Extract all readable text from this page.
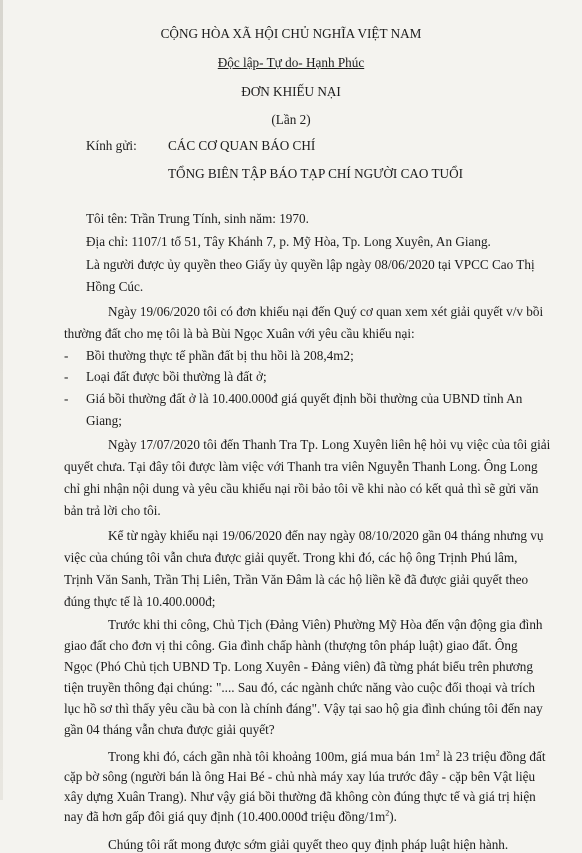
CỘNG HÒA XÃ HỘI CHỦ NGHĨA VIỆT NAM
Độc lập- Tự do- Hạnh Phúc
ĐƠN KHIẾU NẠI
(Lần 2)
Kính gửi: CÁC CƠ QUAN BÁO CHÍ
TỔNG BIÊN TẬP BÁO TẠP CHÍ NGƯỜI CAO TUỔI
Tôi tên: Trần Trung Tính, sinh năm: 1970.
Địa chỉ: 1107/1 tổ 51, Tây Khánh 7, p. Mỹ Hòa, Tp. Long Xuyên, An Giang.
Là người được ủy quyền theo Giấy ủy quyền lập ngày 08/06/2020 tại VPCC Cao Thị
Hồng Cúc.
Ngày 19/06/2020 tôi có đơn khiếu nại đến Quý cơ quan xem xét giải quyết v/v bồi
thường đất cho mẹ tôi là bà Bùi Ngọc Xuân với yêu cầu khiếu nại:
- Bồi thường thực tế phần đất bị thu hồi là 208,4m2;
- Loại đất được bồi thường là đất ở;
- Giá bồi thường đất ở là 10.400.000đ giá quyết định bồi thường của UBND tỉnh An
Giang;
Ngày 17/07/2020 tôi đến Thanh Tra Tp. Long Xuyên liên hệ hỏi vụ việc của tôi giải
quyết chưa. Tại đây tôi được làm việc với Thanh tra viên Nguyễn Thanh Long. Ông Long
chỉ ghi nhận nội dung và yêu cầu khiếu nại rồi bảo tôi về khi nào có kết quả thì sẽ gửi văn
bản trả lời cho tôi.
Kể từ ngày khiếu nại 19/06/2020 đến nay ngày 08/10/2020 gần 04 tháng nhưng vụ
việc của chúng tôi vẫn chưa được giải quyết. Trong khi đó, các hộ ông Trịnh Phú lâm,
Trịnh Văn Sanh, Trần Thị Liên, Trần Văn Đâm là các hộ liền kề đã được giải quyết theo
đúng thực tế là 10.400.000đ;
Trước khi thi công, Chủ Tịch (Đảng Viên) Phường Mỹ Hòa đến vận động gia đình
giao đất cho đơn vị thi công. Gia đình chấp hành (thượng tôn pháp luật) giao đất. Ông
Ngọc (Phó Chủ tịch UBND Tp. Long Xuyên - Đảng viên) đã từng phát biểu trên phương
tiện truyền thông đại chúng: ".... Sau đó, các ngành chức năng vào cuộc đối thoại và trích
lục hồ sơ thì thấy yêu cầu bà con là chính đáng". Vậy tại sao hộ gia đình chúng tôi đến nay
gần 04 tháng vẫn chưa được giải quyết?
Trong khi đó, cách gần nhà tôi khoảng 100m, giá mua bán $1m^2$ là 23 triệu đồng đất
cặp bờ sông (người bán là ông Hai Bé - chủ nhà máy xay lúa trước đây - cặp bên Vật liệu
xây dựng Xuân Trang). Như vậy giá bồi thường đã không còn đúng thực tế và giá trị hiện
nay đã hơn gấp đôi giá quy định (10.400.000đ triệu đồng/$1m^2$).
Chúng tôi rất mong được sớm giải quyết theo quy định pháp luật hiện hành.
